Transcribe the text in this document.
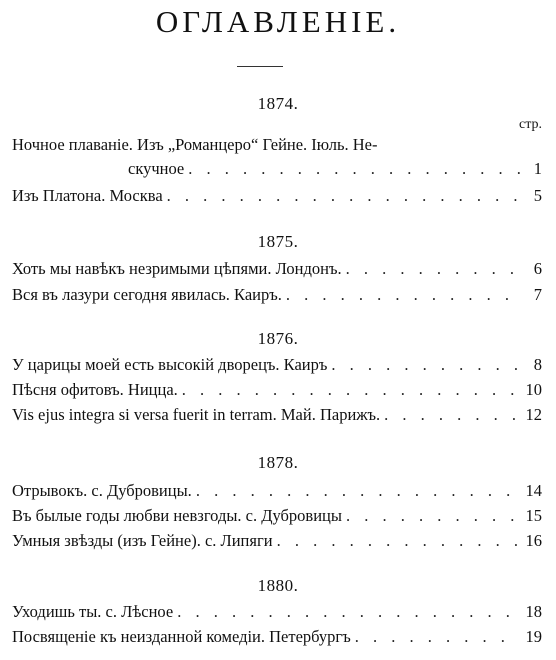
ОГЛАВЛЕНIE.
1874.
стр.
Ночное плаванiе. Изъ „Романцеро“ Гейне. Iюль. Не-
скучное . . .	1
Изъ Платона. Москва . . .	5
1875.
Хоть мы навѣкъ незримыми цѣпями. Лондонъ. . . .	6
Вся въ лазури сегодня явилась. Каиръ. . . .	7
1876.
У царицы моей есть высокiй дворецъ. Каиръ . . .	8
Пѣсня офитовъ. Ницца. . . .	10
Vis ejus integra si versa fuerit in terram. Май. Парижъ. . . .	12
1878.
Отрывокъ. с. Дубровицы. . . .	14
Въ былые годы любви невзгоды. с. Дубровицы . . .	15
Умныя звѣзды (изъ Гейне). с. Липяги . . .	16
1880.
Уходишь ты. с. Лѣсное . . .	18
Посвященiе къ неизданной комедiи. Петербургъ . . .	19
